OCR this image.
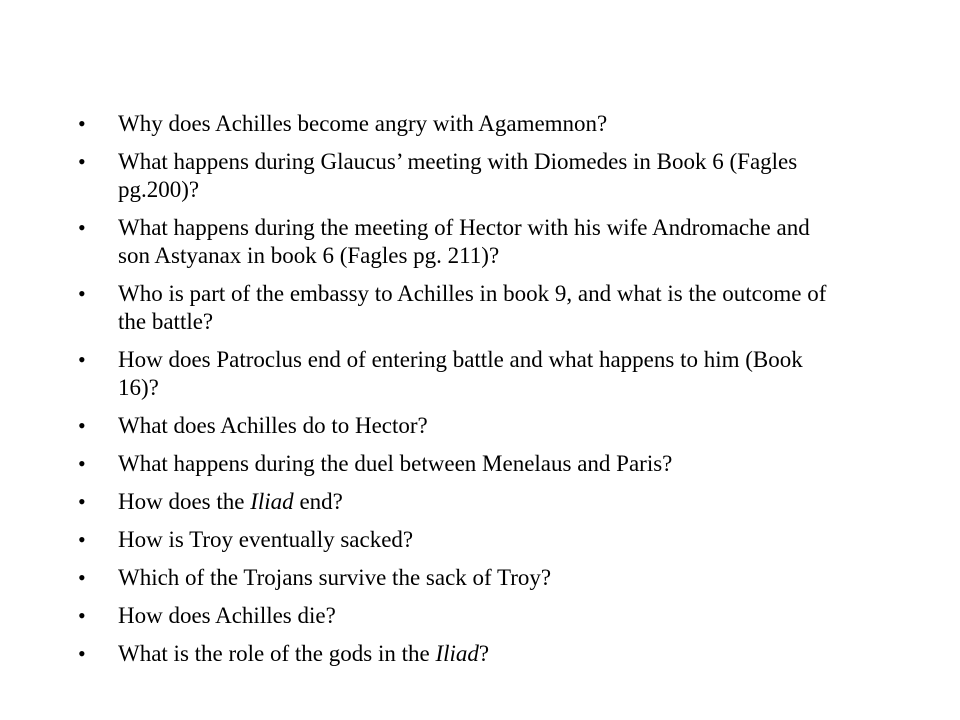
•	Why does Achilles become angry with Agamemnon?
•	What happens during Glaucus’ meeting with Diomedes in Book 6 (Fagles pg.200)?
•	What happens during the meeting of Hector with his wife Andromache and son Astyanax in book 6 (Fagles pg. 211)?
•	Who is part of the embassy to Achilles in book 9, and what is the outcome of the battle?
•	How does Patroclus end of entering battle and what happens to him (Book 16)?
•	What does Achilles do to Hector?
•	What happens during the duel between Menelaus and Paris?
•	How does the Iliad end?
•	How is Troy eventually sacked?
•	Which of the Trojans survive the sack of Troy?
•	How does Achilles die?
•	What is the role of the gods in the Iliad?
